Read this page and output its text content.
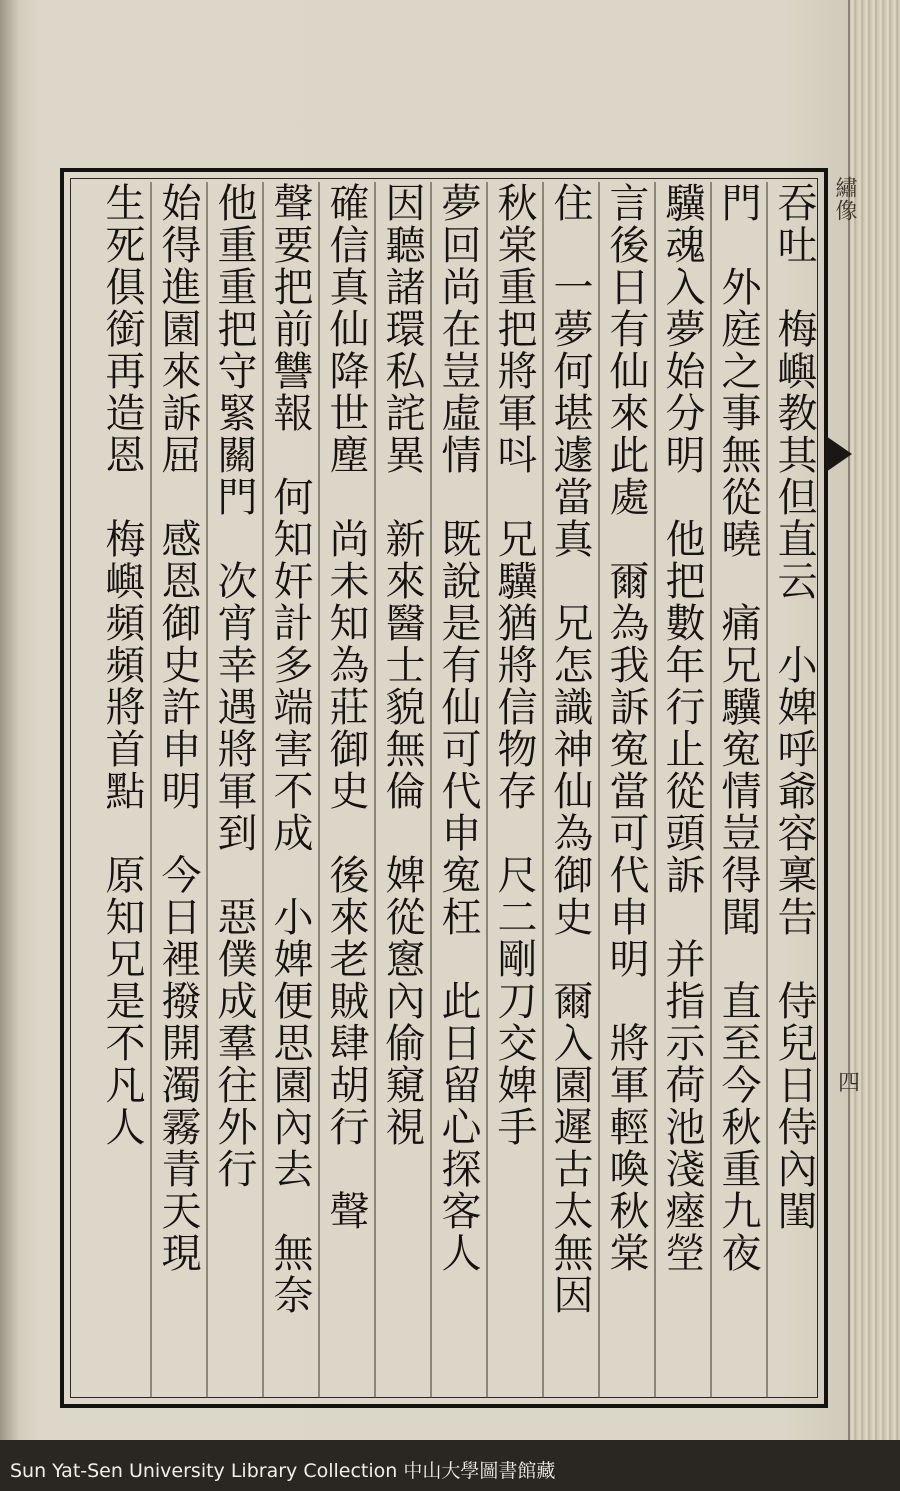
繡像
四
吞吐　梅嶼教其但直云　小婢呼爺容稟告　侍兒日侍內閨
門　外庭之事無從曉　痛兄驥寃情豈得聞　直至今秋重九夜
驥魂入夢始分明　他把數年行止從頭訴　并指示荷池淺瘞塋
言後日有仙來此處　爾為我訴寃當可代申明　將軍輕喚秋棠
住　一夢何堪遽當真　兄怎識神仙為御史　爾入園遲古太無因
秋棠重把將軍呌　兄驥猶將信物存　尺二剛刀交婢手
夢回尚在豈虛情　既說是有仙可代申寃枉　此日留心探客人
因聽諸環私詫異　新來醫士貌無倫　婢從窻內偷窺視
確信真仙降世塵　尚未知為莊御史　後來老賊肆胡行　聲
聲要把前讐報　何知奸計多端害不成　小婢便思園內去　無奈
他重重把守緊關門　次宵幸遇將軍到　惡僕成羣往外行
始得進園來訴屈　感恩御史許申明　今日裡撥開濁霧青天現
生死俱銜再造恩　梅嶼頻頻將首點　原知兄是不凡人
Sun Yat-Sen University Library Collection 中山大學圖書館藏
